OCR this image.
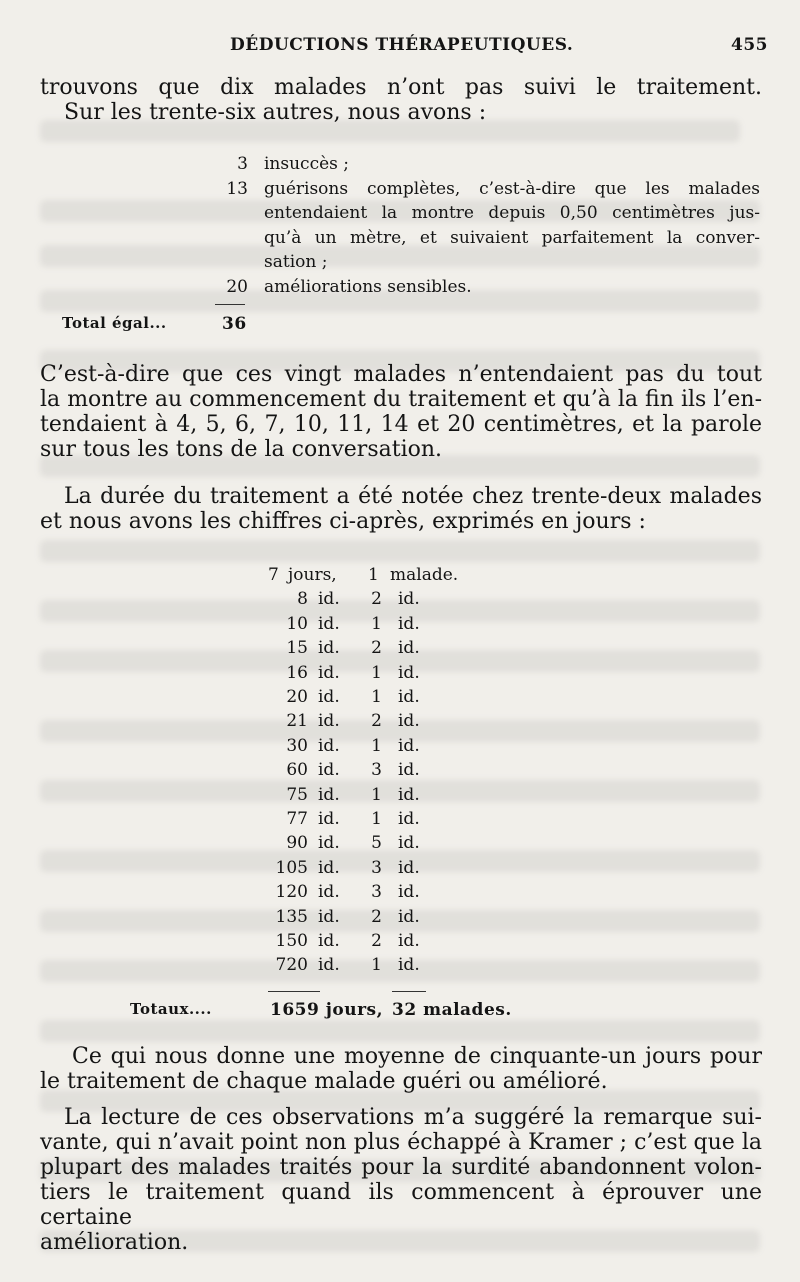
DÉDUCTIONS THÉRAPEUTIQUES.	455
trouvons que dix malades n’ont pas suivi le traitement.
Sur les trente-six autres, nous avons :
3 insuccès ;
13 guérisons complètes, c’est-à-dire que les malades
entendaient la montre depuis 0,50 centimètres jus-
qu’à un mètre, et suivaient parfaitement la conver-
sation ;
20 améliorations sensibles.
Total égal...	36
C’est-à-dire que ces vingt malades n’entendaient pas du tout
la montre au commencement du traitement et qu’à la fin ils l’en-
tendaient à 4, 5, 6, 7, 10, 11, 14 et 20 centimètres, et la parole
sur tous les tons de la conversation.
La durée du traitement a été notée chez trente-deux malades
et nous avons les chiffres ci-après, exprimés en jours :
7 jours, 1 malade.
8 id. 2 id.
10 id. 1 id.
15 id. 2 id.
16 id. 1 id.
20 id. 1 id.
21 id. 2 id.
30 id. 1 id.
60 id. 3 id.
75 id. 1 id.
77 id. 1 id.
90 id. 5 id.
105 id. 3 id.
120 id. 3 id.
135 id. 2 id.
150 id. 2 id.
720 id. 1 id.
Totaux....	1659 jours, 32 malades.
Ce qui nous donne une moyenne de cinquante-un jours pour
le traitement de chaque malade guéri ou amélioré.
La lecture de ces observations m’a suggéré la remarque sui-
vante, qui n’avait point non plus échappé à Kramer ; c’est que la
plupart des malades traités pour la surdité abandonnent volon-
tiers le traitement quand ils commencent à éprouver une certaine
amélioration.
